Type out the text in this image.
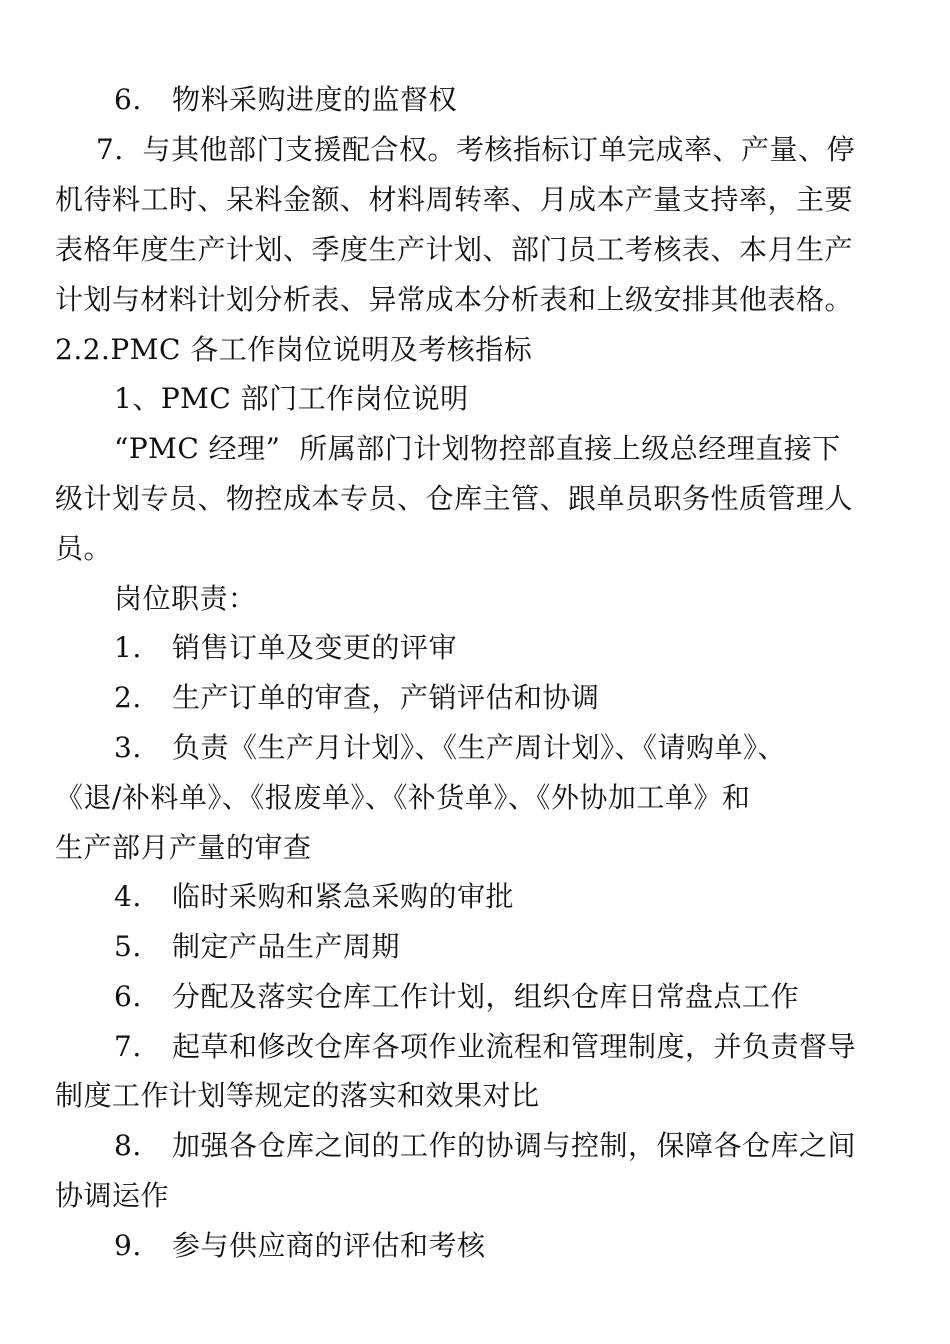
6. 物料采购进度的监督权
7.  与其他部门支援配合权。考核指标订单完成率、产量、停
机待料工时、呆料金额、材料周转率、月成本产量支持率，主要
表格年度生产计划、季度生产计划、部门员工考核表、本月生产
计划与材料计划分析表、异常成本分析表和上级安排其他表格。
2.2.PMC 各工作岗位说明及考核指标
1、PMC 部门工作岗位说明
“PMC 经理”  所属部门计划物控部直接上级总经理直接下
级计划专员、物控成本专员、仓库主管、跟单员职务性质管理人
员。
岗位职责：
1. 销售订单及变更的评审
2. 生产订单的审查，产销评估和协调
3. 负责《生产月计划》、《生产周计划》、《请购单》、
《退/补料单》、《报废单》、《补货单》、《外协加工单》和
生产部月产量的审查
4. 临时采购和紧急采购的审批
5. 制定产品生产周期
6. 分配及落实仓库工作计划，组织仓库日常盘点工作
7. 起草和修改仓库各项作业流程和管理制度，并负责督导
制度工作计划等规定的落实和效果对比
8. 加强各仓库之间的工作的协调与控制，保障各仓库之间
协调运作
9. 参与供应商的评估和考核
